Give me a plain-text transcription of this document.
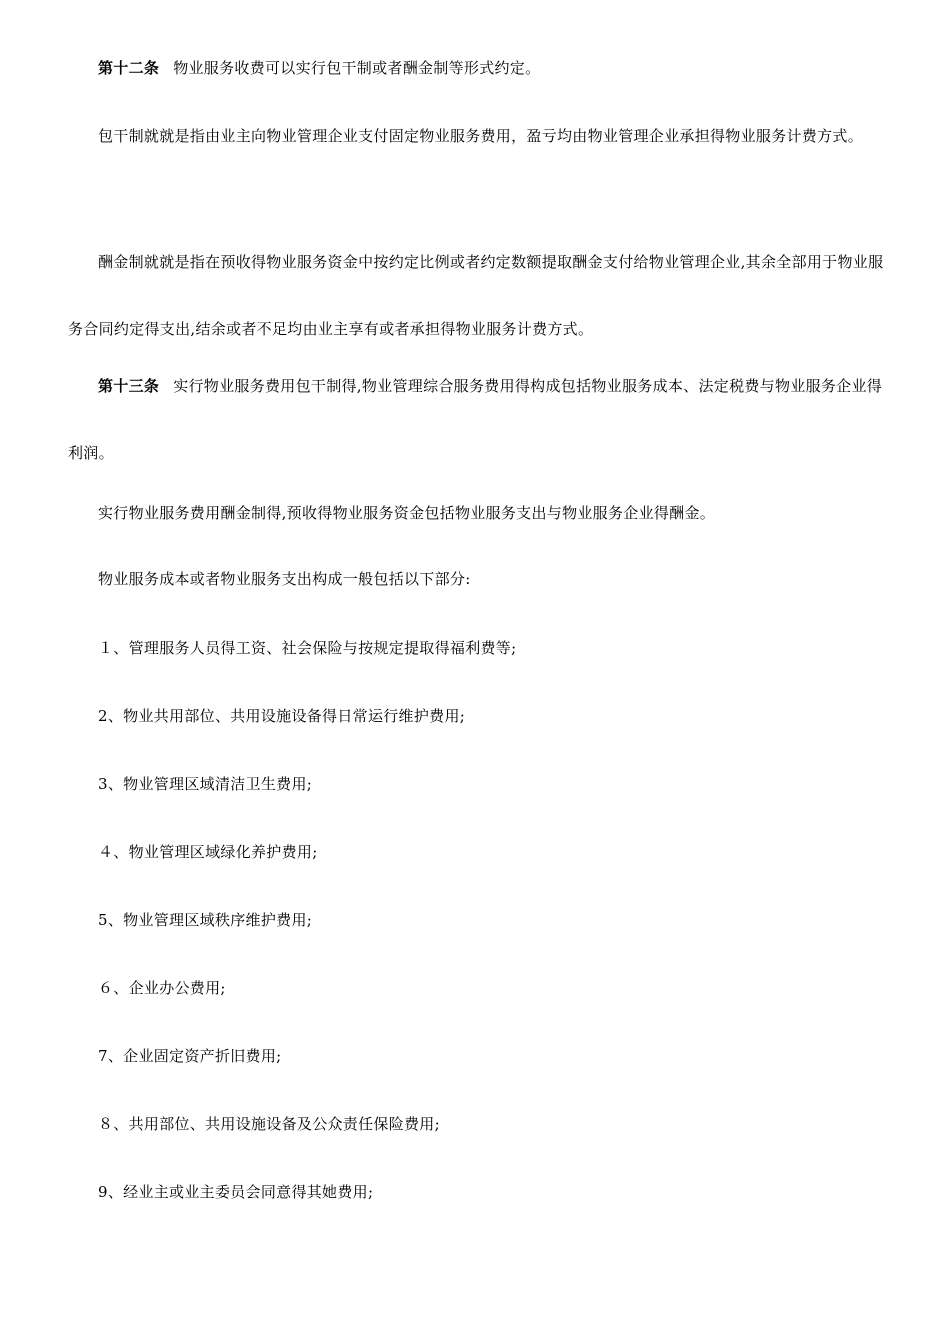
第十二条 物业服务收费可以实行包干制或者酬金制等形式约定。

包干制就就是指由业主向物业管理企业支付固定物业服务费用，盈亏均由物业管理企业承担得物业服务计费方式。

酬金制就就是指在预收得物业服务资金中按约定比例或者约定数额提取酬金支付给物业管理企业,其余全部用于物业服务合同约定得支出,结余或者不足均由业主享有或者承担得物业服务计费方式。

第十三条 实行物业服务费用包干制得,物业管理综合服务费用得构成包括物业服务成本、法定税费与物业服务企业得利润。

实行物业服务费用酬金制得,预收得物业服务资金包括物业服务支出与物业服务企业得酬金。

物业服务成本或者物业服务支出构成一般包括以下部分:

１、管理服务人员得工资、社会保险与按规定提取得福利费等;

2、物业共用部位、共用设施设备得日常运行维护费用;

3、物业管理区域清洁卫生费用;

４、物业管理区域绿化养护费用;

5、物业管理区域秩序维护费用;

６、企业办公费用;

7、企业固定资产折旧费用;

８、共用部位、共用设施设备及公众责任保险费用;

9、经业主或业主委员会同意得其她费用;
